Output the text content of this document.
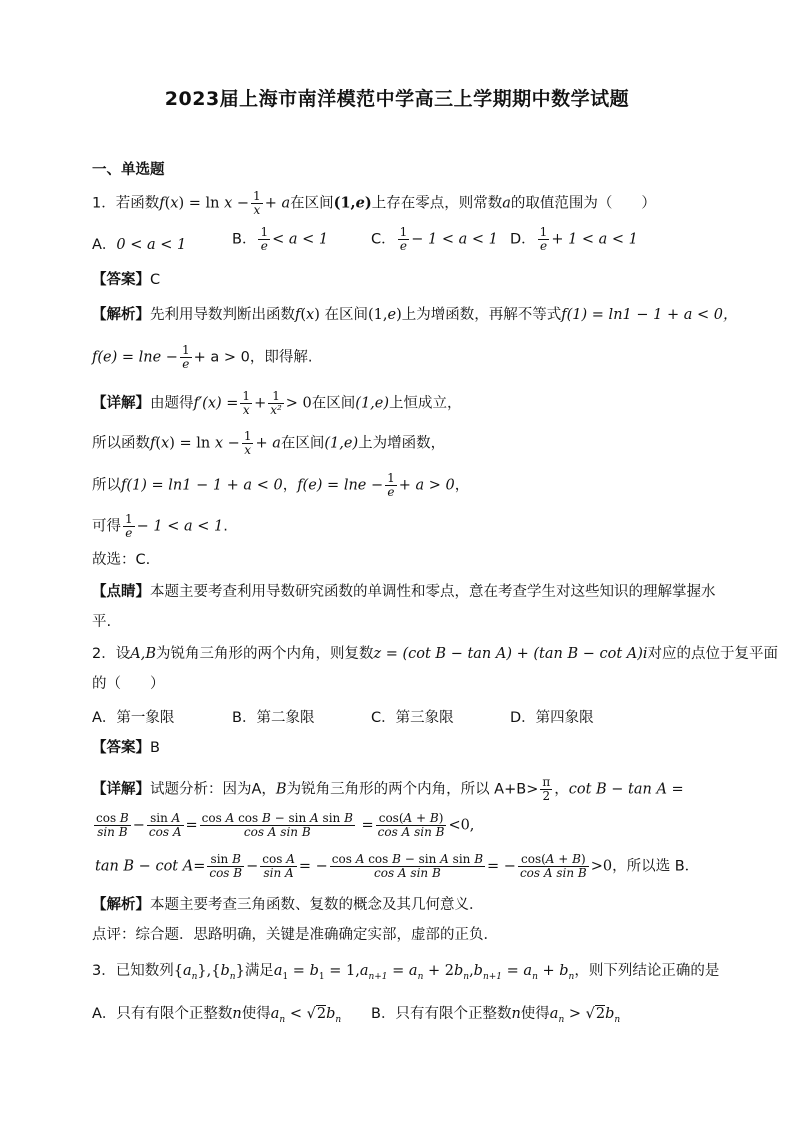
2023届上海市南洋模范中学高三上学期期中数学试题
一、单选题
1．若函数$f(x) = \ln x - \frac{1}{x} + a$在区间(1,e)上存在零点，则常数a的取值范围为（　　）
A．0 < a < 1	B． $\frac{1}{e} < a < 1$	C． $\frac{1}{e} - 1 < a < 1$ D． $\frac{1}{e} + 1 < a < 1$
【答案】C
【解析】先利用导数判断出函数f(x) 在区间(1,e)上为增函数，再解不等式f(1) = ln1 − 1 + a < 0，
$f(e) = \ln e - \frac{1}{e} + a > 0$，即得解.
【详解】由题得$f'(x) = \frac{1}{x} + \frac{1}{\text{x²}} > 0$在区间(1,e)上恒成立，
所以函数$f(x) = \ln x - \frac{1}{x} + a$在区间(1,e)上为增函数，
所以f(1) = ln1 − 1 + a < 0，$f(e) = \ln e - \frac{1}{e} + a > 0$，
可得 $\frac{1}{e} - 1 < a < 1$.
故选：C.
【点睛】本题主要考查利用导数研究函数的单调性和零点，意在考查学生对这些知识的理解掌握水
平.
2．设A,B为锐角三角形的两个内角，则复数z = (cot B − tan A) + (tan B − cot A)i对应的点位于复平面
的（　　）
A．第一象限	B．第二象限	C．第三象限	D．第四象限
【答案】B
【详解】试题分析：因为A，B为锐角三角形的两个内角，所以 $A+B> \frac{\pi}{2}$ ，cot B − tan A =
$\frac{\text{cos B}}{\text{sin B}} - \frac{\text{sin A}}{\text{cos A}} = \frac{\text{cos A cos B − sin A sin B}}{\text{cos A sin B}} = \frac{\cos(A + B)}{\text{cos A sin B}} <0$,
$\tan B - \cot A= \frac{\text{sin B}}{\text{cos B}} - \frac{\text{cos A}}{\text{sin A}}$ = − $\frac{\text{cos A cos B − sin A sin B}}{\text{cos A sin B}}$ = − $\frac{\cos(A + B)}{\text{cos A sin B}} >0$，所以选 B．
【解析】本题主要考查三角函数、复数的概念及其几何意义．
点评：综合题．思路明确，关键是准确确定实部，虚部的正负．
3．已知数列$\{a_n\},\{b_n\}$满足$a_1 = b_1 = 1,a_{n+1} = a_n + 2b_n,b_{n+1} = a_n + b_n$，则下列结论正确的是
A．只有有限个正整数n使得$a_n < √2b_n$ B．只有有限个正整数n使得$a_n > √2b_n$
